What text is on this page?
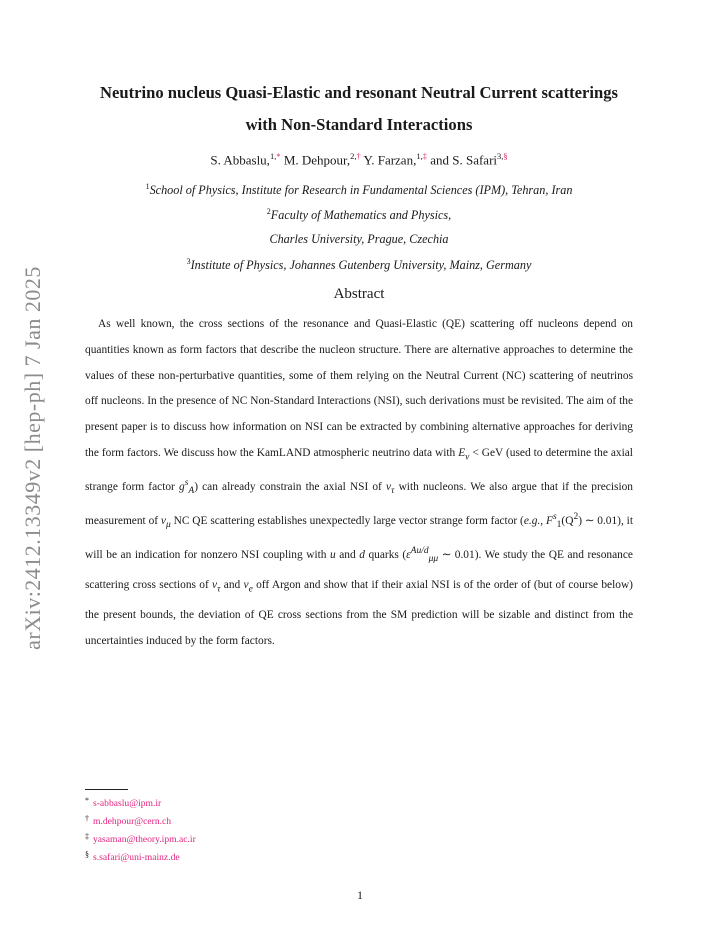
arXiv:2412.13349v2 [hep-ph] 7 Jan 2025
Neutrino nucleus Quasi-Elastic and resonant Neutral Current scatterings with Non-Standard Interactions
S. Abbaslu,$^{1,*}$ M. Dehpour,$^{2,\dagger}$ Y. Farzan,$^{1,\ddagger}$ and S. Safari$^{3,\S}$
$^1$School of Physics, Institute for Research in Fundamental Sciences (IPM), Tehran, Iran
$^2$Faculty of Mathematics and Physics,
Charles University, Prague, Czechia
$^3$Institute of Physics, Johannes Gutenberg University, Mainz, Germany
Abstract

As well known, the cross sections of the resonance and Quasi-Elastic (QE) scattering off nucleons depend on quantities known as form factors that describe the nucleon structure. There are alternative approaches to determine the values of these non-perturbative quantities, some of them relying on the Neutral Current (NC) scattering of neutrinos off nucleons. In the presence of NC Non-Standard Interactions (NSI), such derivations must be revisited. The aim of the present paper is to discuss how information on NSI can be extracted by combining alternative approaches for deriving the form factors. We discuss how the KamLAND atmospheric neutrino data with $E_\nu$ < GeV (used to determine the axial strange form factor $g^s_A$) can already constrain the axial NSI of $\nu_\tau$ with nucleons. We also argue that if the precision measurement of $\nu_\mu$ NC QE scattering establishes unexpectedly large vector strange form factor (e.g., $F^s_1(Q^2)$ ∼ 0.01), it will be an indication for nonzero NSI coupling with u and d quarks ($\varepsilon^{Au/d}_{\mu\mu}$ ∼ 0.01). We study the QE and resonance scattering cross sections of $\nu_\tau$ and $\nu_e$ off Argon and show that if their axial NSI is of the order of (but of course below) the present bounds, the deviation of QE cross sections from the SM prediction will be sizable and distinct from the uncertainties induced by the form factors.

* s-abbaslu@ipm.ir
† m.dehpour@cern.ch
‡ yasaman@theory.ipm.ac.ir
§ s.safari@uni-mainz.de
1
